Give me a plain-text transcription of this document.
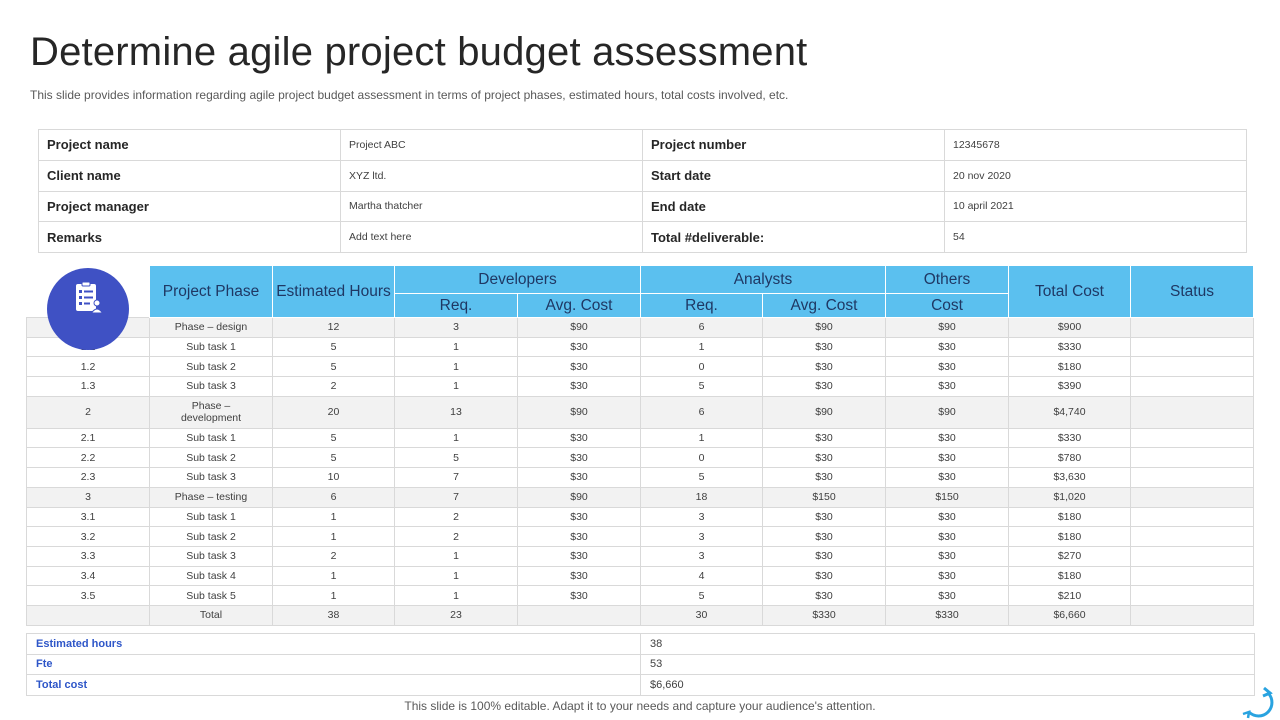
Determine agile project budget assessment

This slide provides information regarding agile project budget assessment in terms of project phases, estimated hours, total costs involved, etc.

Project name	Project ABC	Project number	12345678
Client name	XYZ ltd.	Start date	20 nov 2020
Project manager	Martha thatcher	End date	10 april 2021
Remarks	Add text here	Total #deliverable:	54
	Project Phase	Estimated Hours	Developers		Analysts		Others	Total Cost	Status
			Req.	Avg. Cost	Req.	Avg. Cost	Cost		
	Phase – design	12	3	$90	6	$90	$90	$900	
	Sub task 1	5	1	$30	1	$30	$30	$330	
1.2	Sub task 2	5	1	$30	0	$30	$30	$180	
1.3	Sub task 3	2	1	$30	5	$30	$30	$390	
2	Phase – development	20	13	$90	6	$90	$90	$4,740	
2.1	Sub task 1	5	1	$30	1	$30	$30	$330	
2.2	Sub task 2	5	5	$30	0	$30	$30	$780	
2.3	Sub task 3	10	7	$30	5	$30	$30	$3,630	
3	Phase – testing	6	7	$90	18	$150	$150	$1,020	
3.1	Sub task 1	1	2	$30	3	$30	$30	$180	
3.2	Sub task 2	1	2	$30	3	$30	$30	$180	
3.3	Sub task 3	2	1	$30	3	$30	$30	$270	
3.4	Sub task 4	1	1	$30	4	$30	$30	$180	
3.5	Sub task 5	1	1	$30	5	$30	$30	$210	
	Total	38	23		30	$330	$330	$6,660	
Estimated hours	38
Fte	53
Total cost	$6,660

This slide is 100% editable. Adapt it to your needs and capture your audience's attention.
